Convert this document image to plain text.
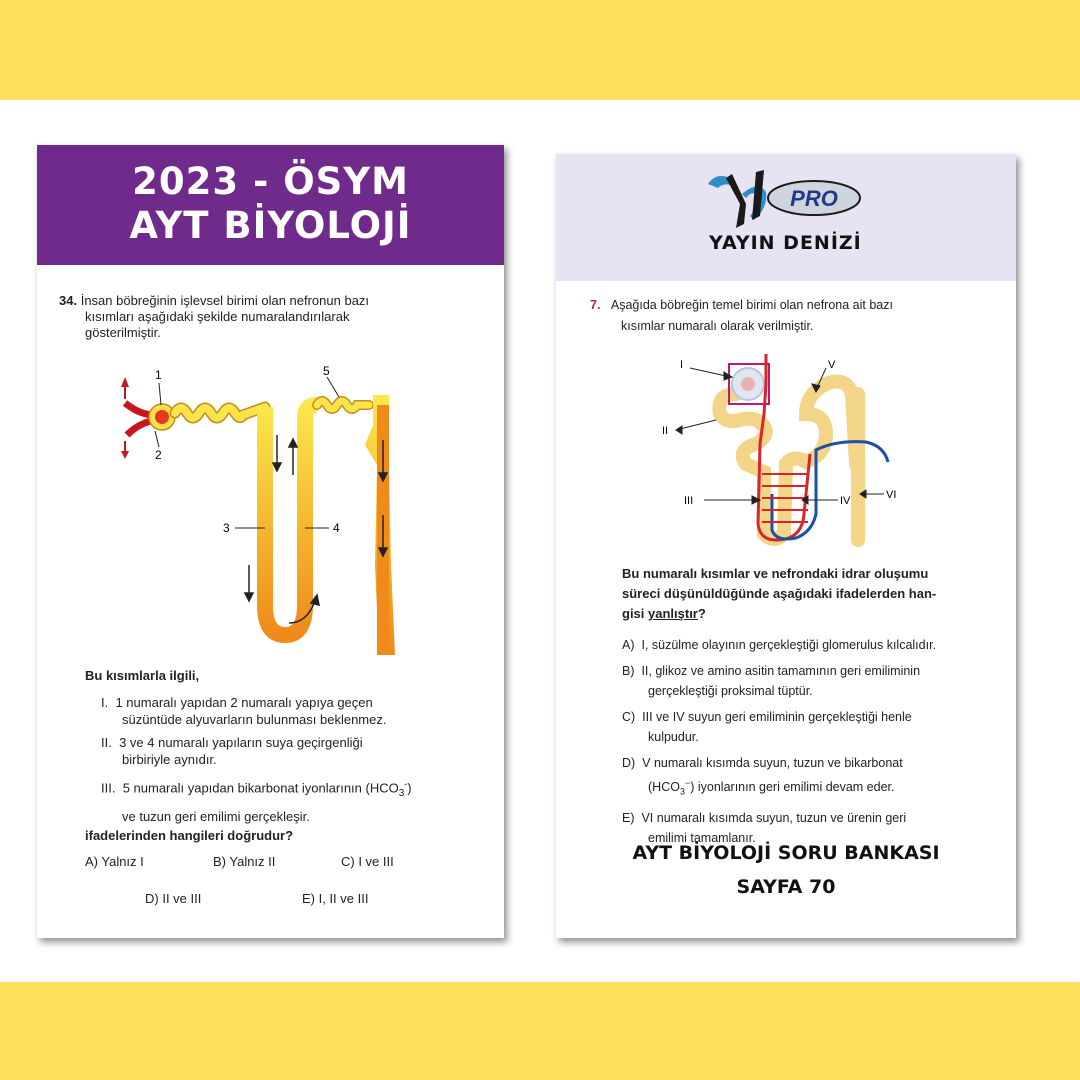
2023 - ÖSYM
AYT BİYOLOJİ
34. İnsan böbreğinin işlevsel birimi olan nefronun bazı
kısımları aşağıdaki şekilde numaralandırılarak
gösterilmiştir.
1
2
5
3	4
Bu kısımlarla ilgili,
I. 1 numaralı yapıdan 2 numaralı yapıya geçen
süzüntüde alyuvarların bulunması beklenmez.
II. 3 ve 4 numaralı yapıların suya geçirgenliği
birbiriyle aynıdır.
III. 5 numaralı yapıdan bikarbonat iyonlarının $(HCO_3^-)$
ve tuzun geri emilimi gerçekleşir.
ifadelerinden hangileri doğrudur?
A) Yalnız I	B) Yalnız II	C) I ve III
D) II ve III	E) I, II ve III
PRO
YAYIN DENİZİ
7. Aşağıda böbreğin temel birimi olan nefrona ait bazı
kısımlar numaralı olarak verilmiştir.
I
II
V
III	IV	VI
Bu numaralı kısımlar ve nefrondaki idrar oluşumu
süreci düşünüldüğünde aşağıdaki ifadelerden han-
gisi yanlıştır?
A) I, süzülme olayının gerçekleştiği glomerulus kılcalıdır.
B) II, glikoz ve amino asitin tamamının geri emiliminin
gerçekleştiği proksimal tüptür.
C) III ve IV suyun geri emiliminin gerçekleştiği henle
kulpudur.
D) V numaralı kısımda suyun, tuzun ve bikarbonat
$(HCO_3^-)$ iyonlarının geri emilimi devam eder.
E) VI numaralı kısımda suyun, tuzun ve ürenin geri
emilimi tamamlanır.
AYT BİYOLOJİ SORU BANKASI
SAYFA 70
